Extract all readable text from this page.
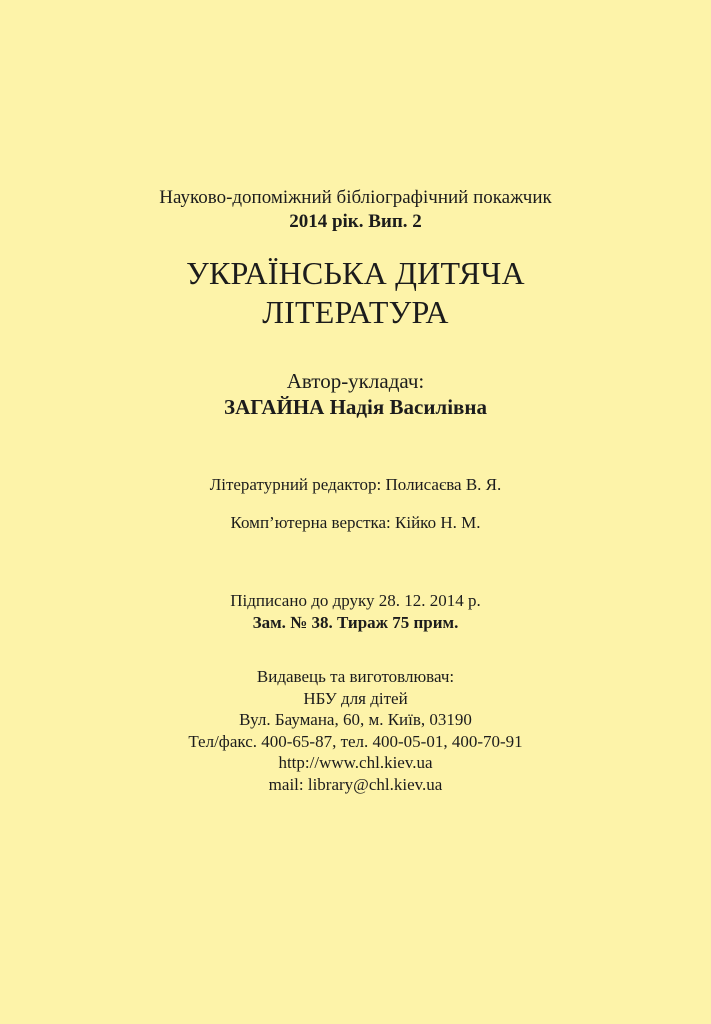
Науково-допоміжний бібліографічний покажчик
2014 рік. Вип. 2
УКРАЇНСЬКА ДИТЯЧА
ЛІТЕРАТУРА
Автор-укладач:
ЗАГАЙНА Надія Василівна
Літературний редактор: Полисаєва В. Я.
Комп’ютерна верстка: Кійко Н. М.
Підписано до друку 28. 12. 2014 р.
Зам. № 38. Тираж 75 прим.
Видавець та виготовлювач:
НБУ для дітей
Вул. Баумана, 60, м. Київ, 03190
Тел/факс. 400-65-87, тел. 400-05-01, 400-70-91
http://www.chl.kiev.ua
mail: library@chl.kiev.ua
